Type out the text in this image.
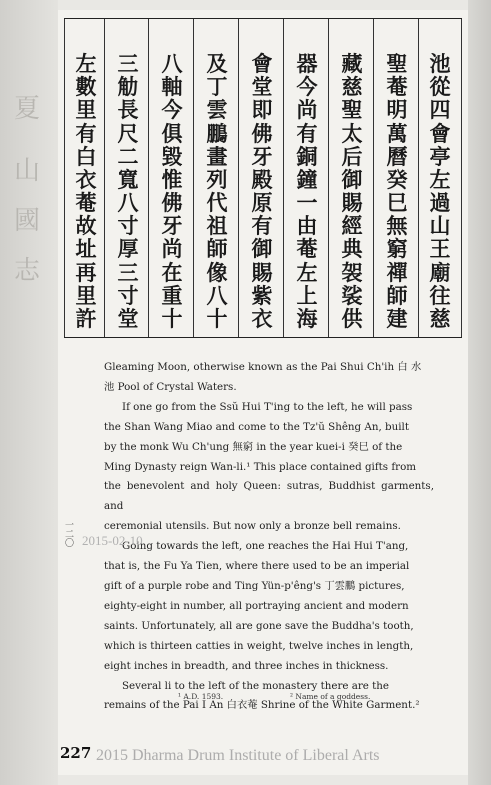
夏
山
國
志
左
數
里
有
白
衣
菴
故
址
再
里
許
三
觔
長
尺
二
寬
八
寸
厚
三
寸
堂
八
軸
今
俱
毀
惟
佛
牙
尚
在
重
十
及
丁
雲
鵬
畫
列
代
祖
師
像
八
十
會
堂
即
佛
牙
殿
原
有
御
賜
紫
衣
器
今
尚
有
銅
鐘
一
由
菴
左
上
海
藏
慈
聖
太
后
御
賜
經
典
袈
裟
供
聖
菴
明
萬
曆
癸
巳
無
窮
禪
師
建
池
從
四
會
亭
左
過
山
王
廟
往
慈

Gleaming Moon, otherwise known as the Pai Shui Ch'ih 白 水

池 Pool of Crystal Waters.

If one go from the Ssŭ Hui T'ing to the left, he will pass

the Shan Wang Miao and come to the Tz'ŭ Shêng An, built

by the monk Wu Ch'ung 無窮 in the year kuei-i 癸巳 of the

Ming Dynasty reign Wan-li.¹ This place contained gifts from

the benevolent and holy Queen: sutras, Buddhist garments, and

ceremonial utensils. But now only a bronze bell remains.

Going towards the left, one reaches the Hai Hui T'ang,

that is, the Fu Ya Tien, where there used to be an imperial

gift of a purple robe and Ting Yün-p'êng's 丁雲鵬 pictures,

eighty-eight in number, all portraying ancient and modern

saints. Unfortunately, all are gone save the Buddha's tooth,

which is thirteen catties in weight, twelve inches in length,

eight inches in breadth, and three inches in thickness.

Several li to the left of the monastery there are the

remains of the Pai I An 白衣菴 Shrine of the White Garment.²

¹ A.D. 1593.	² Name of a goddess.
一二〇 2015-02-10
227 2015 Dharma Drum Institute of Liberal Arts
